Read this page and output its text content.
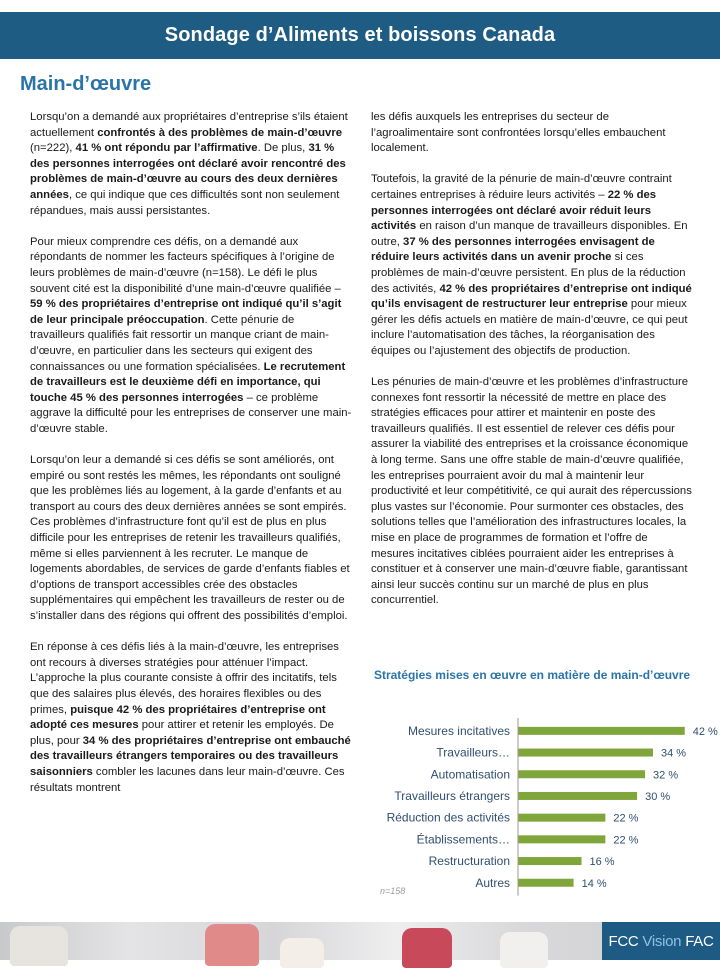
Sondage d’Aliments et boissons Canada
Main-d’œuvre

Lorsqu’on a demandé aux propriétaires d’entreprise s’ils étaient actuellement confrontés à des problèmes de main-d’œuvre (n=222), 41 % ont répondu par l’affirmative. De plus, 31 % des personnes interrogées ont déclaré avoir rencontré des problèmes de main-d’œuvre au cours des deux dernières années, ce qui indique que ces difficultés sont non seulement répandues, mais aussi persistantes.

Pour mieux comprendre ces défis, on a demandé aux répondants de nommer les facteurs spécifiques à l’origine de leurs problèmes de main-d’œuvre (n=158). Le défi le plus souvent cité est la disponibilité d’une main-d’œuvre qualifiée – 59 % des propriétaires d’entreprise ont indiqué qu’il s’agit de leur principale préoccupation. Cette pénurie de travailleurs qualifiés fait ressortir un manque criant de main-d’œuvre, en particulier dans les secteurs qui exigent des connaissances ou une formation spécialisées. Le recrutement de travailleurs est le deuxième défi en importance, qui touche 45 % des personnes interrogées – ce problème aggrave la difficulté pour les entreprises de conserver une main-d’œuvre stable.

Lorsqu’on leur a demandé si ces défis se sont améliorés, ont empiré ou sont restés les mêmes, les répondants ont souligné que les problèmes liés au logement, à la garde d’enfants et au transport au cours des deux dernières années se sont empirés. Ces problèmes d’infrastructure font qu’il est de plus en plus difficile pour les entreprises de retenir les travailleurs qualifiés, même si elles parviennent à les recruter. Le manque de logements abordables, de services de garde d’enfants fiables et d’options de transport accessibles crée des obstacles supplémentaires qui empêchent les travailleurs de rester ou de s’installer dans des régions qui offrent des possibilités d’emploi.

En réponse à ces défis liés à la main-d’œuvre, les entreprises ont recours à diverses stratégies pour atténuer l’impact. L’approche la plus courante consiste à offrir des incitatifs, tels que des salaires plus élevés, des horaires flexibles ou des primes, puisque 42 % des propriétaires d’entreprise ont adopté ces mesures pour attirer et retenir les employés. De plus, pour 34 % des propriétaires d’entreprise ont embauché des travailleurs étrangers temporaires ou des travailleurs saisonniers combler les lacunes dans leur main-d’œuvre. Ces résultats montrent

les défis auxquels les entreprises du secteur de l’agroalimentaire sont confrontées lorsqu’elles embauchent localement.

Toutefois, la gravité de la pénurie de main-d’œuvre contraint certaines entreprises à réduire leurs activités – 22 % des personnes interrogées ont déclaré avoir réduit leurs activités en raison d’un manque de travailleurs disponibles. En outre, 37 % des personnes interrogées envisagent de réduire leurs activités dans un avenir proche si ces problèmes de main-d’œuvre persistent. En plus de la réduction des activités, 42 % des propriétaires d’entreprise ont indiqué qu’ils envisagent de restructurer leur entreprise pour mieux gérer les défis actuels en matière de main-d’œuvre, ce qui peut inclure l’automatisation des tâches, la réorganisation des équipes ou l’ajustement des objectifs de production.

Les pénuries de main-d’œuvre et les problèmes d’infrastructure connexes font ressortir la nécessité de mettre en place des stratégies efficaces pour attirer et maintenir en poste des travailleurs qualifiés. Il est essentiel de relever ces défis pour assurer la viabilité des entreprises et la croissance économique à long terme. Sans une offre stable de main-d’œuvre qualifiée, les entreprises pourraient avoir du mal à maintenir leur productivité et leur compétitivité, ce qui aurait des répercussions plus vastes sur l’économie. Pour surmonter ces obstacles, des solutions telles que l’amélioration des infrastructures locales, la mise en place de programmes de formation et l’offre de mesures incitatives ciblées pourraient aider les entreprises à constituer et à conserver une main-d’œuvre fiable, garantissant ainsi leur succès continu sur un marché de plus en plus concurrentiel.

Stratégies mises en œuvre en matière de main-d’œuvre
Mesures incitatives	42 %
Travailleurs…	34 %
Automatisation	32 %
Travailleurs étrangers	30 %
Réduction des activités	22 %
Établissements…	22 %
Restructuration	16 %
Autres	14 %
n=158
FCC Vision FAC
